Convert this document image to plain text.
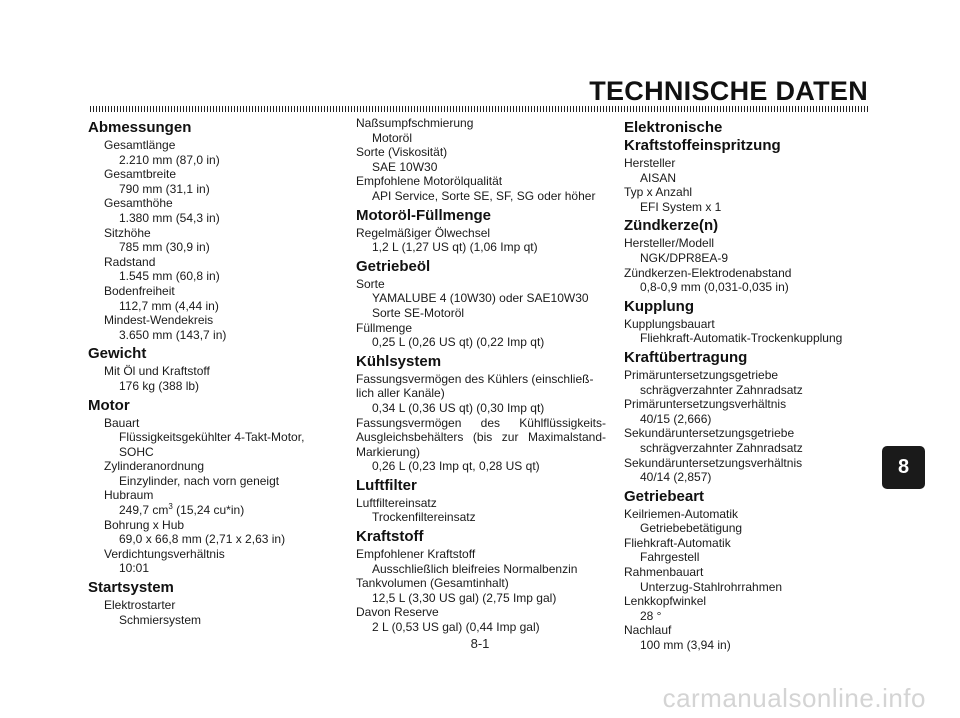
TECHNISCHE DATEN
Abmessungen
Gesamtlänge
2.210 mm (87,0 in)
Gesamtbreite
790 mm (31,1 in)
Gesamthöhe
1.380 mm (54,3 in)
Sitzhöhe
785 mm (30,9 in)
Radstand
1.545 mm (60,8 in)
Bodenfreiheit
112,7 mm (4,44 in)
Mindest-Wendekreis
3.650 mm (143,7 in)
Gewicht
Mit Öl und Kraftstoff
176 kg (388 lb)
Motor
Bauart
Flüssigkeitsgekühlter 4-Takt-Motor,
SOHC
Zylinderanordnung
Einzylinder, nach vorn geneigt
Hubraum
249,7 $cm^3$ (15,24 cu*in)
Bohrung x Hub
69,0 x 66,8 mm (2,71 x 2,63 in)
Verdichtungsverhältnis
10:01
Startsystem
Elektrostarter
Schmiersystem
Naßsumpfschmierung
Motoröl
Sorte (Viskosität)
SAE 10W30
Empfohlene Motorölqualität
API Service, Sorte SE, SF, SG oder höher
Motoröl-Füllmenge
Regelmäßiger Ölwechsel
1,2 L (1,27 US qt) (1,06 Imp qt)
Getriebeöl
Sorte
YAMALUBE 4 (10W30) oder SAE10W30
Sorte SE-Motoröl
Füllmenge
0,25 L (0,26 US qt) (0,22 Imp qt)
Kühlsystem
Fassungsvermögen des Kühlers (einschließ-
lich aller Kanäle)
0,34 L (0,36 US qt) (0,30 Imp qt)
Fassungsvermögen des Kühlflüssigkeits-
Ausgleichsbehälters (bis zur Maximalstand-
Markierung)
0,26 L (0,23 Imp qt, 0,28 US qt)
Luftfilter
Luftfiltereinsatz
Trockenfiltereinsatz
Kraftstoff
Empfohlener Kraftstoff
Ausschließlich bleifreies Normalbenzin
Tankvolumen (Gesamtinhalt)
12,5 L (3,30 US gal) (2,75 Imp gal)
Davon Reserve
2 L (0,53 US gal) (0,44 Imp gal)
Elektronische Kraftstoffeinspritzung
Hersteller
AISAN
Typ x Anzahl
EFI System x 1
Zündkerze(n)
Hersteller/Modell
NGK/DPR8EA-9
Zündkerzen-Elektrodenabstand
0,8-0,9 mm (0,031-0,035 in)
Kupplung
Kupplungsbauart
Fliehkraft-Automatik-Trockenkupplung
Kraftübertragung
Primäruntersetzungsgetriebe
schrägverzahnter Zahnradsatz
Primäruntersetzungsverhältnis
40/15 (2,666)
Sekundäruntersetzungsgetriebe
schrägverzahnter Zahnradsatz
Sekundäruntersetzungsverhältnis
40/14 (2,857)
Getriebeart
Keilriemen-Automatik
Getriebebetätigung
Fliehkraft-Automatik
Fahrgestell
Rahmenbauart
Unterzug-Stahlrohrrahmen
Lenkkopfwinkel
28 °
Nachlauf
100 mm (3,94 in)
8
8-1
carmanualsonline.info
